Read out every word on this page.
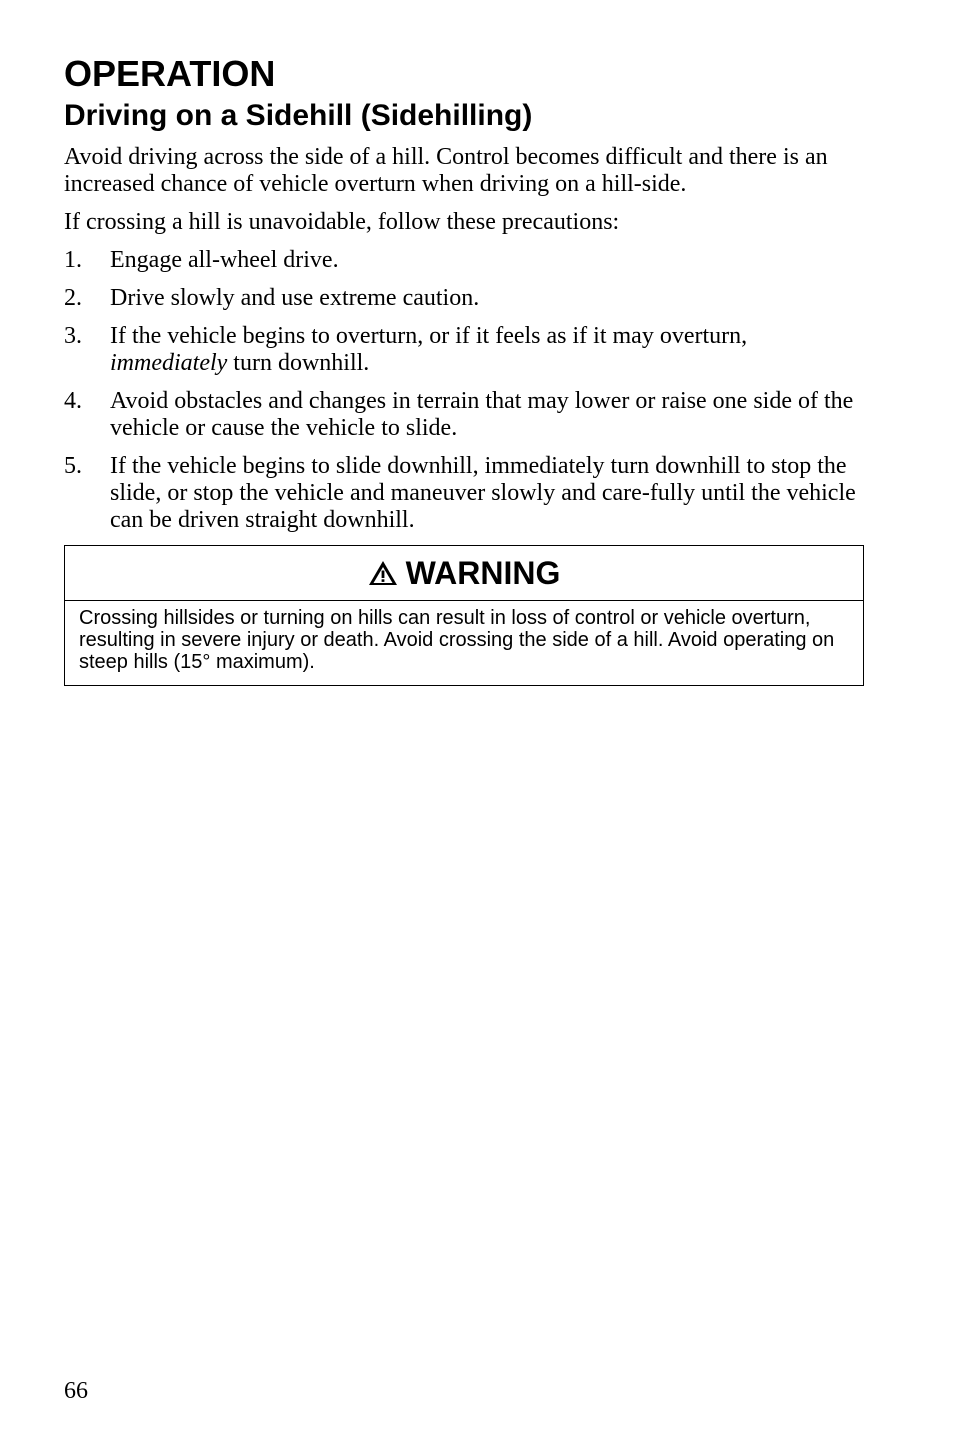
OPERATION
Driving on a Sidehill (Sidehilling)

Avoid driving across the side of a hill. Control becomes difficult and there is an increased chance of vehicle overturn when driving on a hill-side.

If crossing a hill is unavoidable, follow these precautions:

1. Engage all-wheel drive.
2. Drive slowly and use extreme caution.
3. If the vehicle begins to overturn, or if it feels as if it may overturn, immediately turn downhill.
4. Avoid obstacles and changes in terrain that may lower or raise one side of the vehicle or cause the vehicle to slide.
5. If the vehicle begins to slide downhill, immediately turn downhill to stop the slide, or stop the vehicle and maneuver slowly and care-fully until the vehicle can be driven straight downhill.
WARNING
Crossing hillsides or turning on hills can result in loss of control or vehicle overturn, resulting in severe injury or death. Avoid crossing the side of a hill. Avoid operating on steep hills (15° maximum).
66
